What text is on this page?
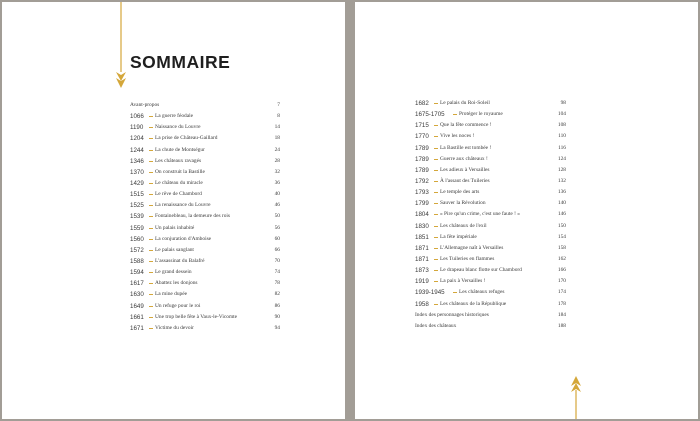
SOMMAIRE
Avant-propos	7
1066 La guerre féodale	8
1190 Naissance du Louvre	14
1204 La prise de Château-Gaillard	18
1244 La chute de Montségur	24
1346 Les châteaux ravagés	28
1370 On construit la Bastille	32
1429 Le château du miracle	36
1515 Le rêve de Chambord	40
1525 La renaissance du Louvre	46
1539 Fontainebleau, la demeure des rois	50
1559 Un palais inhabité	56
1560 La conjuration d'Amboise	60
1572 Le palais sanglant	66
1588 L'assassinat du Balafré	70
1594 Le grand dessein	74
1617 Abattez les donjons	78
1630 La mine dupée	82
1649 Un refuge pour le roi	86
1661 Une trop belle fête à Vaux-le-Vicomte	90
1671 Victime du devoir	94
1682 Le palais du Roi-Soleil	98
1675-1705	Protéger le royaume	104
1715 Que la fête commence !	108
1770 Vive les noces !	110
1789 La Bastille est tombée !	116
1789 Guerre aux châteaux !	124
1789 Les adieux à Versailles	128
1792 À l'assaut des Tuileries	132
1793 Le temple des arts	136
1799 Sauver la Révolution	140
1804 « Pire qu'un crime, c'est une faute ! »	146
1830 Les châteaux de l'exil	150
1851 La fête impériale	154
1871 L'Allemagne naît à Versailles	158
1871 Les Tuileries en flammes	162
1873 Le drapeau blanc flotte sur Chambord	166
1919 La paix à Versailles !	170
1939-1945	Les châteaux refuges	174
1958 Les châteaux de la République	178
Index des personnages historiques	184
Index des châteaux	188
